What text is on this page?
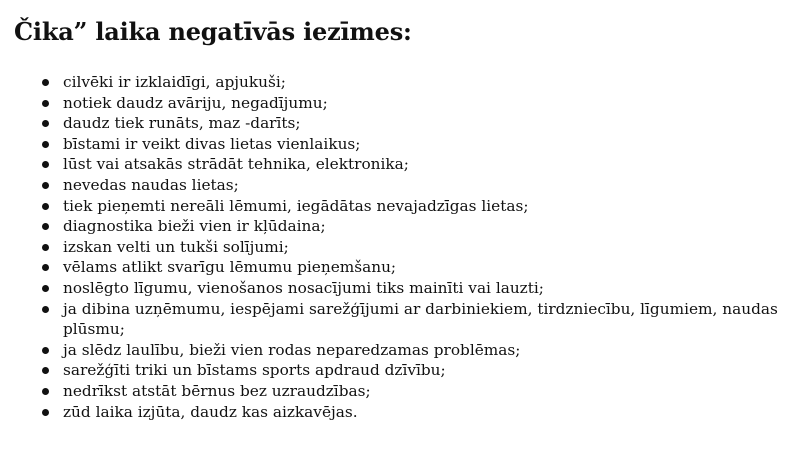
Čika” laika negatīvās iezīmes:
cilvēki ir izklaidīgi, apjukuši;
notiek daudz avāriju, negadījumu;
daudz tiek runāts, maz -darīts;
bīstami ir veikt divas lietas vienlaikus;
lūst vai atsakās strādāt tehnika, elektronika;
nevedas naudas lietas;
tiek pieņemti nereāli lēmumi, iegādātas nevajadzīgas lietas;
diagnostika bieži vien ir kļūdaina;
izskan velti un tukši solījumi;
vēlams atlikt svarīgu lēmumu pieņemšanu;
noslēgto līgumu, vienošanos nosacījumi tiks mainīti vai lauzti;
ja dibina uzņēmumu, iespējami sarežģījumi ar darbiniekiem, tirdzniecību, līgumiem, naudas plūsmu;
ja slēdz laulību, bieži vien rodas neparedzamas problēmas;
sarežģīti triki un bīstams sports apdraud dzīvību;
nedrīkst atstāt bērnus bez uzraudzības;
zūd laika izjūta, daudz kas aizkavējas.
